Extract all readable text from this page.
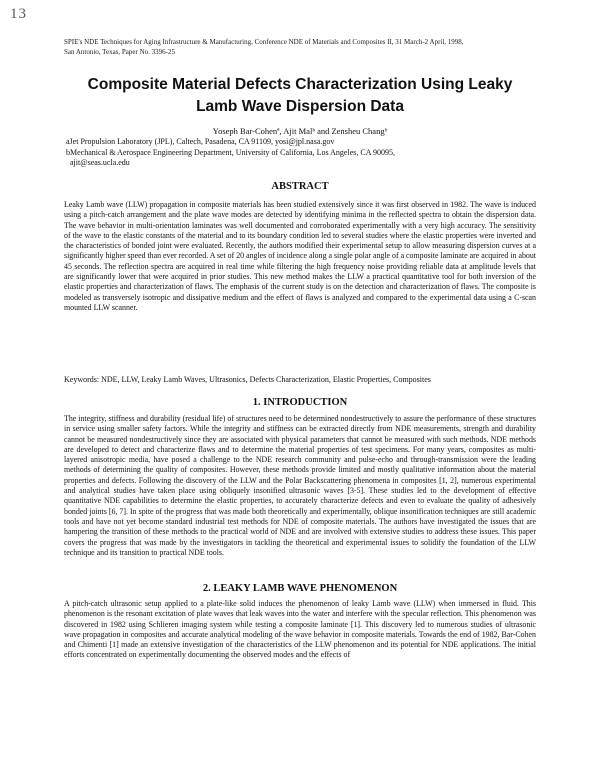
13
SPIE's NDE Techniques for Aging Infrastructure & Manufacturing, Conference NDE of Materials and Composites II, 31 March-2 April, 1998,
San Antonio, Texas, Paper No. 3396-25
Composite Material Defects Characterization Using Leaky
Lamb Wave Dispersion Data
Yoseph Bar-Cohenª, Ajit Malᵇ and Zensheu Changᵇ
aJet Propulsion Laboratory (JPL), Caltech, Pasadena, CA 91109, yosi@jpl.nasa.gov
bMechanical & Aerospace Engineering Department, University of California, Los Angeles, CA 90095,
ajit@seas.ucla.edu
ABSTRACT
Leaky Lamb wave (LLW) propagation in composite materials has been studied extensively since it was first observed in 1982. The wave is induced using a pitch-catch arrangement and the plate wave modes are detected by identifying minima in the reflected spectra to obtain the dispersion data. The wave behavior in multi-orientation laminates was well documented and corroborated experimentally with a very high accuracy. The sensitivity of the wave to the elastic constants of the material and to its boundary condition led to several studies where the elastic properties were inverted and the characteristics of bonded joint were evaluated. Recently, the authors modified their experimental setup to allow measuring dispersion curves at a significantly higher speed than ever recorded. A set of 20 angles of incidence along a single polar angle of a composite laminate are acquired in about 45 seconds. The reflection spectra are acquired in real time while filtering the high frequency noise providing reliable data at amplitude levels that are significantly lower that were acquired in prior studies. This new method makes the LLW a practical quantitative tool for both inversion of the elastic properties and characterization of flaws. The emphasis of the current study is on the detection and characterization of flaws. The composite is modeled as transversely isotropic and dissipative medium and the effect of flaws is analyzed and compared to the experimental data using a C-scan mounted LLW scanner.
Keywords: NDE, LLW, Leaky Lamb Waves, Ultrasonics, Defects Characterization, Elastic Properties, Composites
1. INTRODUCTION
The integrity, stiffness and durability (residual life) of structures need to be determined nondestructively to assure the performance of these structures in service using smaller safety factors. While the integrity and stiffness can be extracted directly from NDE measurements, strength and durability cannot be measured nondestructively since they are associated with physical parameters that cannot be measured with such methods. NDE methods are developed to detect and characterize flaws and to determine the material properties of test specimens. For many years, composites as multi-layered anisotropic media, have posed a challenge to the NDE research community and pulse-echo and through-transmission were the leading methods of determining the quality of composites. However, these methods provide limited and mostly qualitative information about the material properties and defects. Following the discovery of the LLW and the Polar Backscattering phenomena in composites [1, 2], numerous experimental and analytical studies have taken place using obliquely insonified ultrasonic waves [3-5]. These studies led to the development of effective quantitative NDE capabilities to determine the elastic properties, to accurately characterize defects and even to evaluate the quality of adhesively bonded joints [6, 7]. In spite of the progress that was made both theoretically and experimentally, oblique insonification techniques are still academic tools and have not yet become standard industrial test methods for NDE of composite materials. The authors have investigated the issues that are hampering the transition of these methods to the practical world of NDE and are involved with extensive studies to address these issues. This paper covers the progress that was made by the investigators in tackling the theoretical and experimental issues to solidify the foundation of the LLW technique and its transition to practical NDE tools.
2. LEAKY LAMB WAVE PHENOMENON
A pitch-catch ultrasonic setup applied to a plate-like solid induces the phenomenon of leaky Lamb wave (LLW) when immersed in fluid. This phenomenon is the resonant excitation of plate waves that leak waves into the water and interfere with the specular reflection. This phenomenon was discovered in 1982 using Schlieren imaging system while testing a composite laminate [1]. This discovery led to numerous studies of ultrasonic wave propagation in composites and accurate analytical modeling of the wave behavior in composite materials. Towards the end of 1982, Bar-Cohen and Chimenti [1] made an extensive investigation of the characteristics of the LLW phenomenon and its potential for NDE applications. The initial efforts concentrated on experimentally documenting the observed modes and the effects of
